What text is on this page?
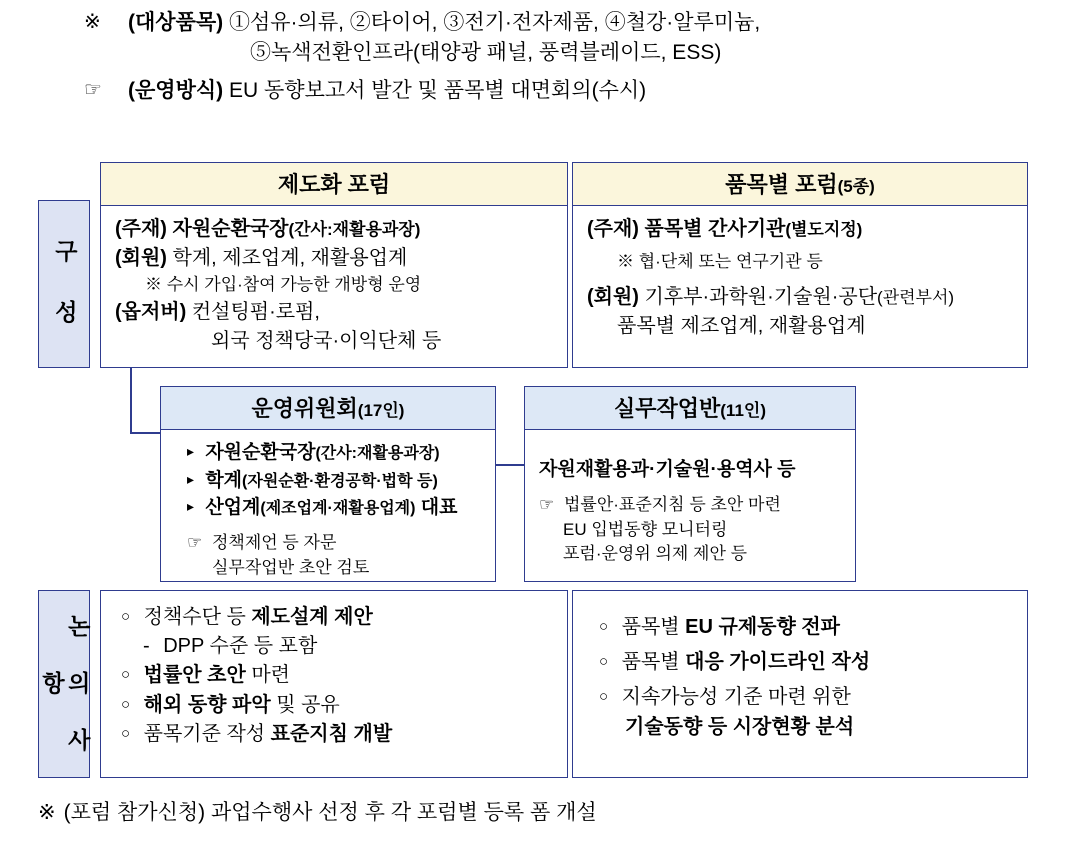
※	(대상품목) ①섬유·의류, ②타이어, ③전기·전자제품, ④철강·알루미늄,
⑤녹색전환인프라(태양광 패널, 풍력블레이드, ESS)
☞	(운영방식) EU 동향보고서 발간 및 품목별 대면회의(수시)
구 성
제도화 포럼
(주재) 자원순환국장(간사:재활용과장)
(회원) 학계, 제조업계, 재활용업계
※ 수시 가입·참여 가능한 개방형 운영
(옵저버) 컨설팅펌·로펌,
외국 정책당국·이익단체 등
품목별 포럼(5종)
(주재) 품목별 간사기관(별도지정)
※ 협·단체 또는 연구기관 등
(회원) 기후부·과학원·기술원·공단(관련부서)
품목별 제조업계, 재활용업계
운영위원회(17인)
▸ 자원순환국장(간사:재활용과장)
▸ 학계(자원순환·환경공학·법학 등)
▸ 산업계(제조업계·재활용업계) 대표
☞ 정책제언 등 자문
실무작업반 초안 검토
실무작업반(11인)
자원재활용과·기술원·용역사 등
☞ 법률안·표준지침 등 초안 마련
EU 입법동향 모니터링
포럼·운영위 의제 제안 등
논 의 사 항
○ 정책수단 등 제도설계 제안
- DPP 수준 등 포함
○ 법률안 초안 마련
○ 해외 동향 파악 및 공유
○ 품목기준 작성 표준지침 개발
○ 품목별 EU 규제동향 전파
○ 품목별 대응 가이드라인 작성
○ 지속가능성 기준 마련 위한
기술동향 등 시장현황 분석
※ (포럼 참가신청) 과업수행사 선정 후 각 포럼별 등록 폼 개설
